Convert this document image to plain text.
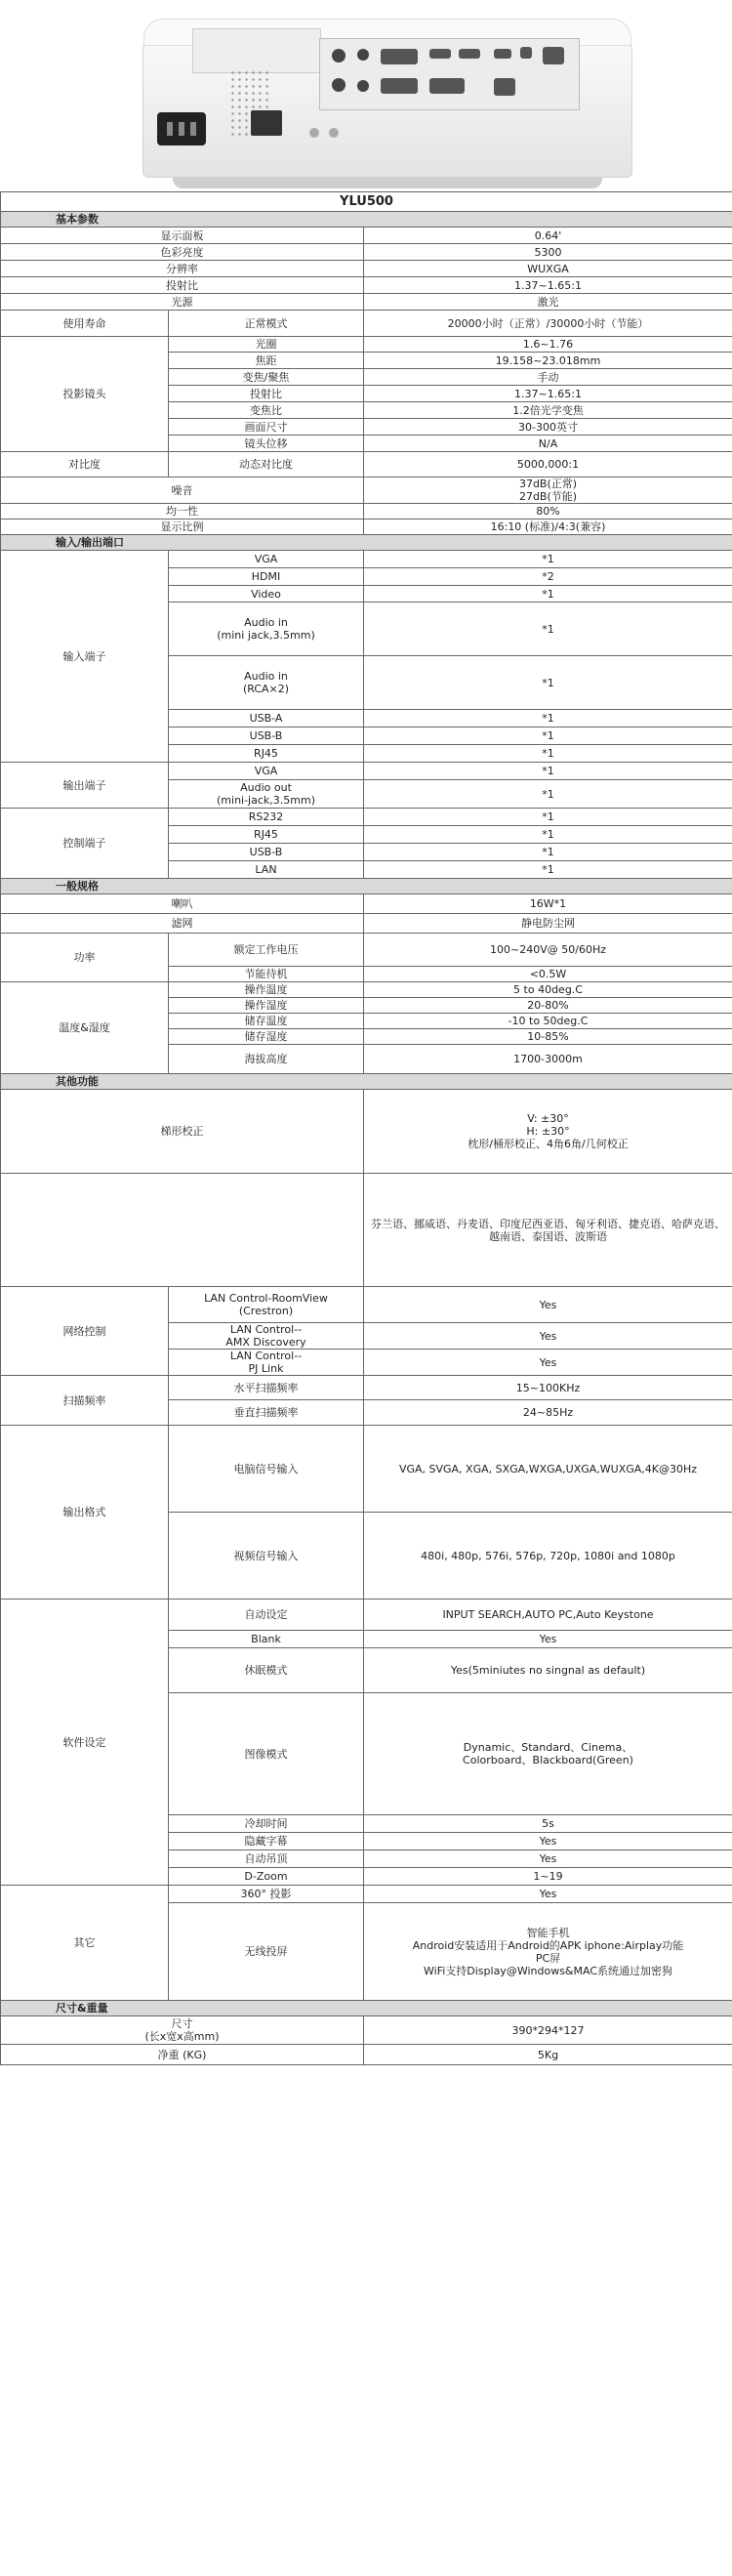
YLU500		
基本参数		
显示面板		0.64'
色彩亮度		5300
分辨率		WUXGA
投射比		1.37~1.65:1
光源		激光
使用寿命	正常模式	20000小时（正常）/30000小时（节能）
投影镜头	光圈	1.6~1.76
	焦距	19.158~23.018mm
	变焦/聚焦	手动
	投射比	1.37~1.65:1
	变焦比	1.2倍光学变焦
	画面尺寸	30-300英寸
	镜头位移	N/A
对比度	动态对比度	5000,000:1
噪音		37dB(正常)
27dB(节能)
均一性		80%
显示比例		16:10 (标准)/4:3(兼容)
输入/输出端口		
输入端子	VGA	*1
	HDMI	*2
	Video	*1
	Audio in
(mini jack,3.5mm)	*1
	Audio in
(RCA×2)	*1
	USB-A	*1
	USB-B	*1
	RJ45	*1
输出端子	VGA	*1
	Audio out
(mini-jack,3.5mm)	*1
控制端子	RS232	*1
	RJ45	*1
	USB-B	*1
	LAN	*1
一般规格		
喇叭		16W*1
滤网		静电防尘网
功率	额定工作电压	100~240V@ 50/60Hz
	节能待机	<0.5W
温度&湿度	操作温度	5 to 40deg.C
	操作湿度	20-80%
	储存温度	-10 to 50deg.C
	储存湿度	10-85%
	海拔高度	1700-3000m
其他功能		
梯形校正		V: ±30°
H: ±30°
枕形/桶形校正、4角6角/几何校正
		芬兰语、挪威语、丹麦语、印度尼西亚语、匈牙利语、捷克语、哈萨克语、越南语、泰国语、波斯语
网络控制	LAN Control-RoomView
(Crestron)	Yes
	LAN Control--
AMX Discovery	Yes
	LAN Control--
PJ Link	Yes
扫描频率	水平扫描频率	15~100KHz
	垂直扫描频率	24~85Hz
输出格式	电脑信号输入	VGA, SVGA, XGA, SXGA,WXGA,UXGA,WUXGA,4K@30Hz
	视频信号输入	480i, 480p, 576i, 576p, 720p, 1080i and 1080p
软件设定	自动设定	INPUT SEARCH,AUTO PC,Auto Keystone
	Blank	Yes
	休眠模式	Yes(5miniutes no singnal as default)
	图像模式	Dynamic、Standard、Cinema、
Colorboard、Blackboard(Green)
	冷却时间	5s
	隐藏字幕	Yes
	自动吊顶	Yes
	D-Zoom	1~19
其它	360° 投影	Yes
	无线投屏	智能手机
Android安装适用于Android的APK iphone:Airplay功能
PC屏
WiFi支持Display@Windows&MAC系统通过加密狗
尺寸&重量		
尺寸
(长x宽x高mm)		390*294*127
净重 (KG)		5Kg
